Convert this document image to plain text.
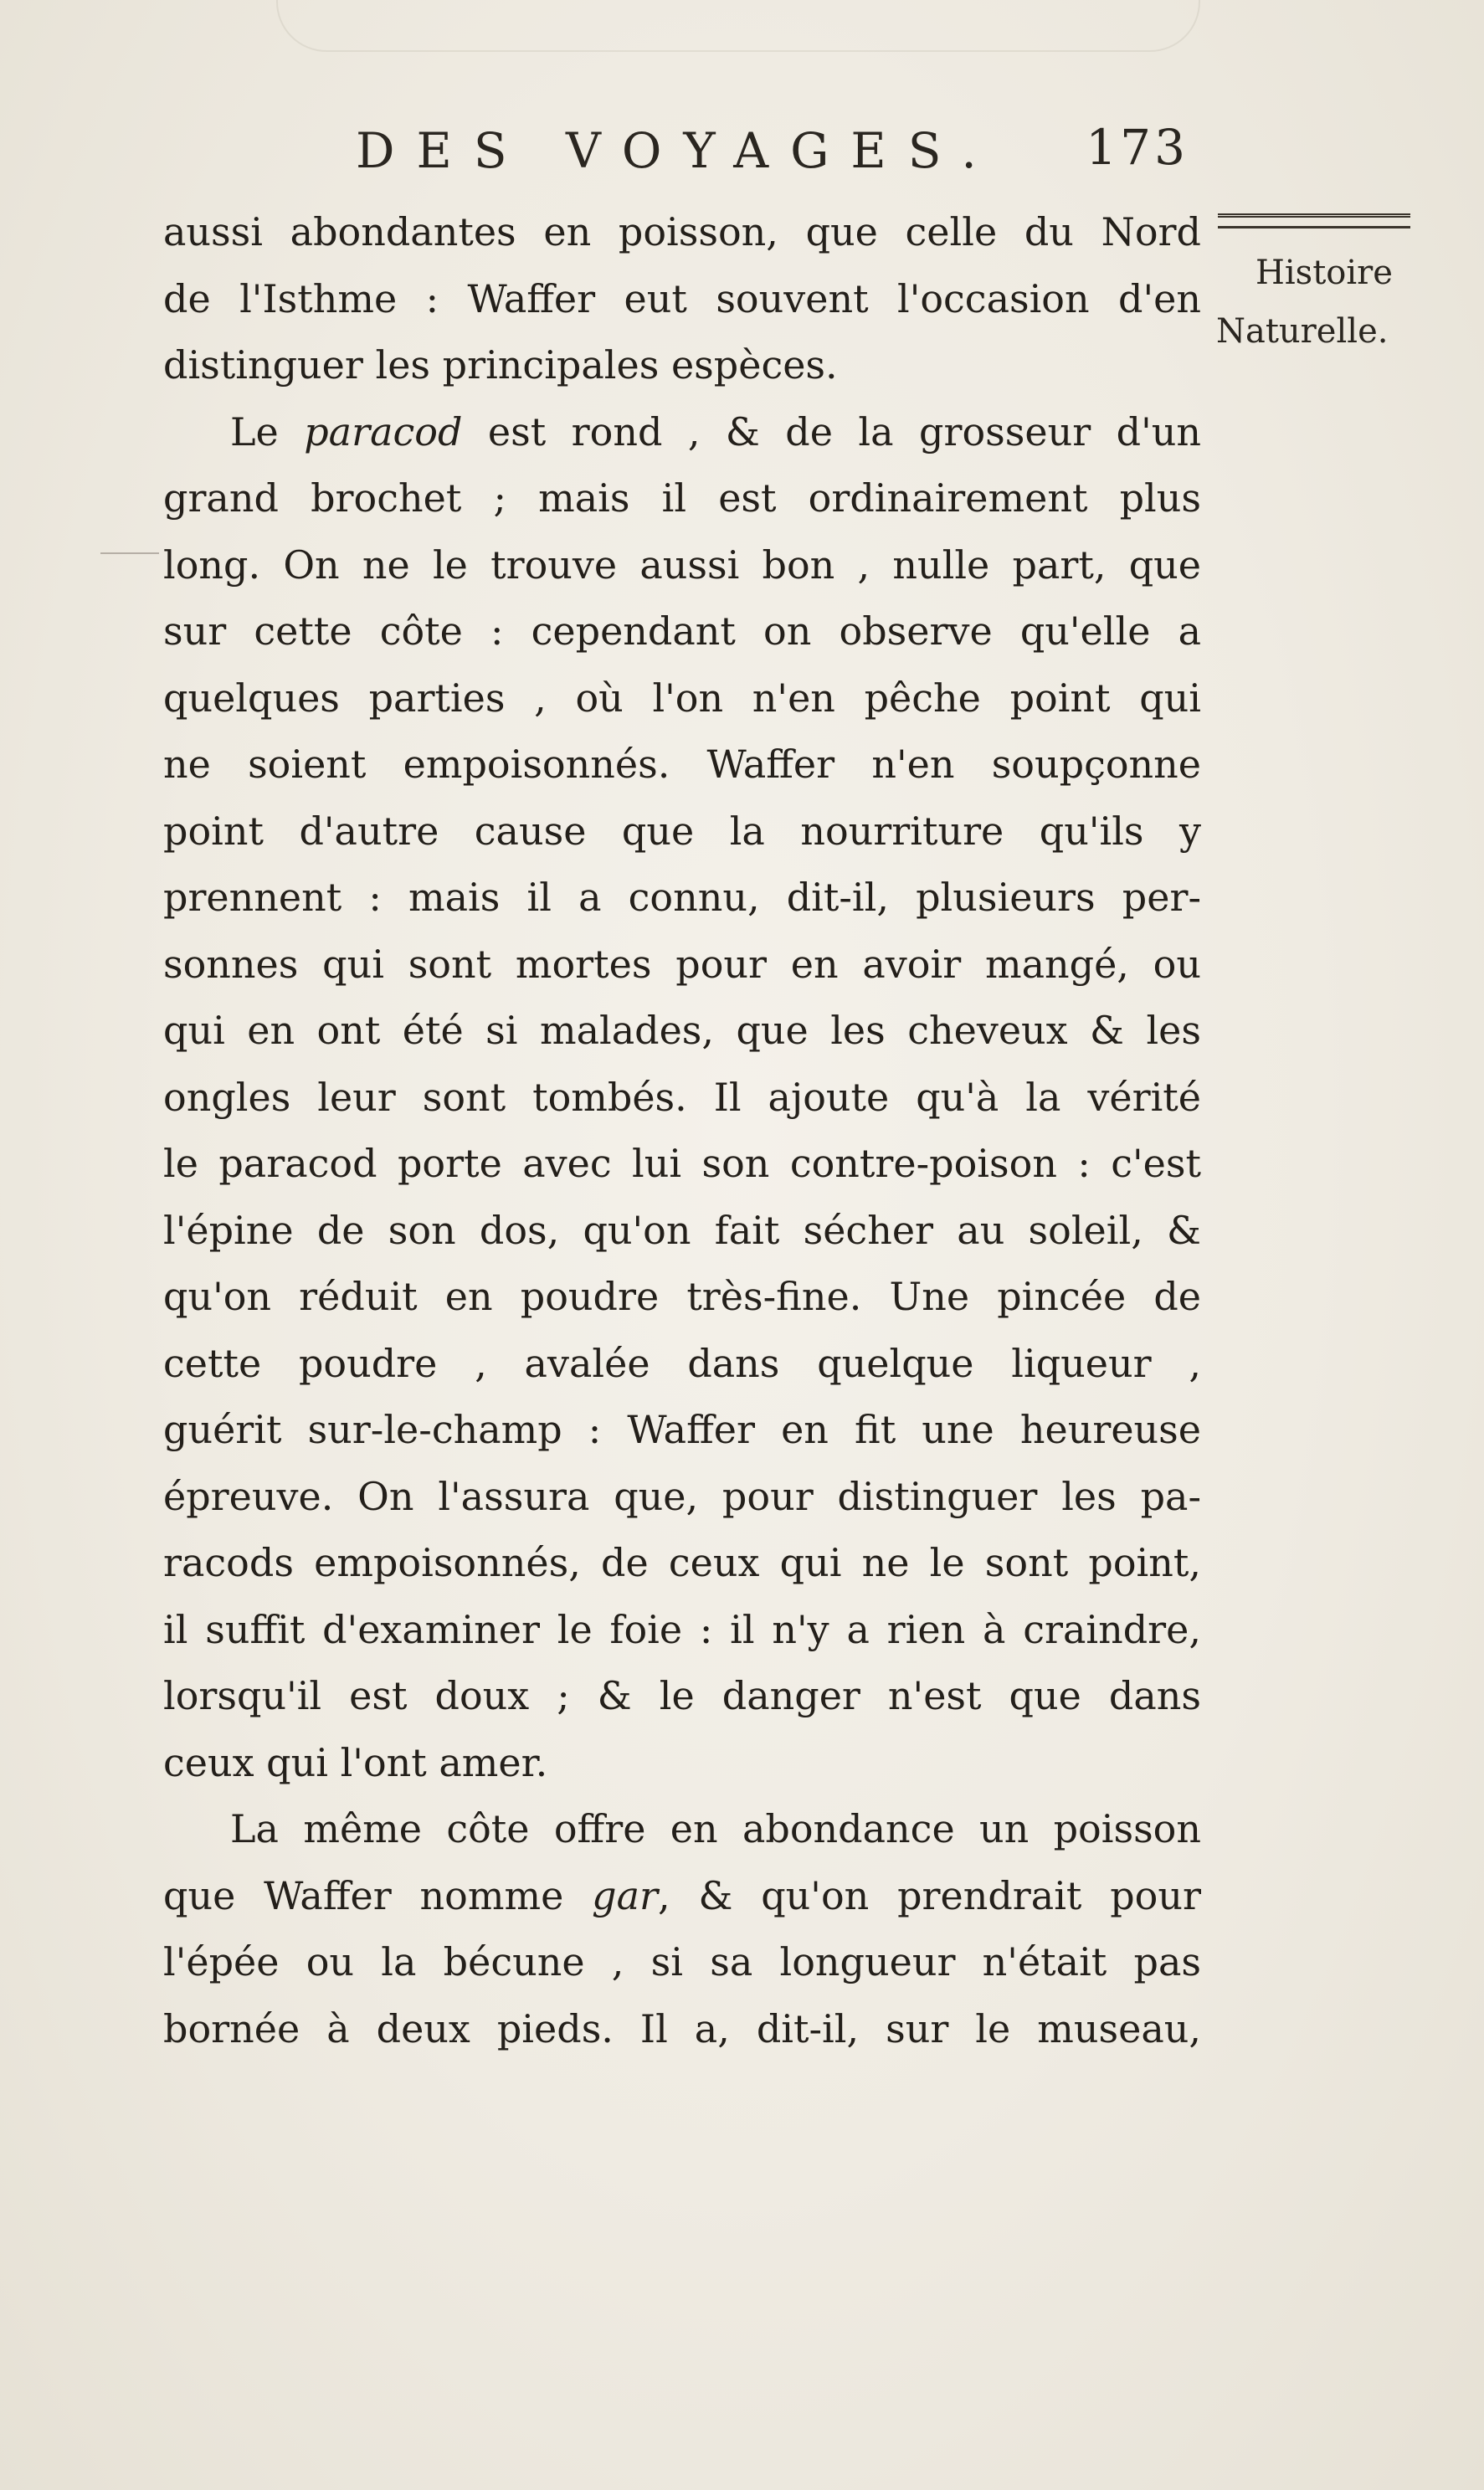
DES VOYAGES. 173
Histoire
Naturelle.
aussi abondantes en poisson, que celle du Nord
de l'Isthme : Waffer eut souvent l'occasion d'en
distinguer les principales espèces.
Le paracod est rond , & de la grosseur d'un
grand brochet ; mais il est ordinairement plus
long. On ne le trouve aussi bon , nulle part, que
sur cette côte : cependant on observe qu'elle a
quelques parties , où l'on n'en pêche point qui
ne soient empoisonnés. Waffer n'en soupçonne
point d'autre cause que la nourriture qu'ils y
prennent : mais il a connu, dit-il, plusieurs per-
sonnes qui sont mortes pour en avoir mangé, ou
qui en ont été si malades, que les cheveux & les
ongles leur sont tombés. Il ajoute qu'à la vérité
le paracod porte avec lui son contre-poison : c'est
l'épine de son dos, qu'on fait sécher au soleil, &
qu'on réduit en poudre très-fine. Une pincée de
cette poudre , avalée dans quelque liqueur ,
guérit sur-le-champ : Waffer en fit une heureuse
épreuve. On l'assura que, pour distinguer les pa-
racods empoisonnés, de ceux qui ne le sont point,
il suffit d'examiner le foie : il n'y a rien à craindre,
lorsqu'il est doux ; & le danger n'est que dans
ceux qui l'ont amer.
La même côte offre en abondance un poisson
que Waffer nomme gar, & qu'on prendrait pour
l'épée ou la bécune , si sa longueur n'était pas
bornée à deux pieds. Il a, dit-il, sur le museau,
